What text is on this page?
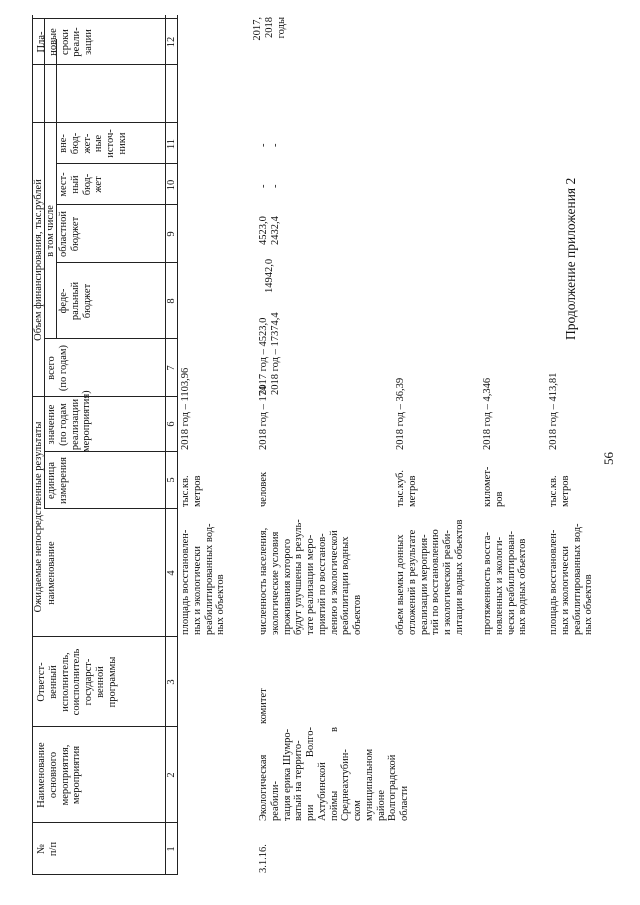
56
Продолжение приложения 2
№
п/п
Наименование
основного
мероприятия,
мероприятия
Ответст-
венный
исполнитель,
соисполнитель
государст-
венной
программы
Ожидаемые непосредственные результаты наименование
единица
измерения
значение
(по годам
реализации
мероприятия)
Объем финансирования, тыс.рублей
всего
(по годам)
в том числе
феде-
ральный
бюджет
областной
бюджет
мест-
ный
бюд-
жет
вне-
бюд-
жет-
ные
источ-
ники
Пла-
новые
сроки
реали-
зации
1
2
3
4
5
6
7
8
9
10
11
12
площадь восстановлен-
ных и экологически
реабилитированных вод-
ных объектов
тыс.кв.
метров
2018 год – 1103,96
3.1.16.
Экологическая реабили-
тация ерика Шумро-
ватый на террито-
рии Волго-Ахтубинской
поймы в Среднеахтубин-
ском муниципальном
районе Волгоградской
области
комитет
численность населения,
экологические условия
проживания которого
будут улучшены в резуль-
тате реализации меро-
приятий по восстанов-
лению и экологической
реабилитации водных
объектов
человек
2018 год – 174
2017 год – 4523,0
2018 год – 17374,4
14942,0
4523,0
2432,4
-
-
-
-
2017,
2018
годы
объем выемки донных
отложений в результате
реализации мероприя-
тий по восстановлению
и экологической реаби-
литации водных объектов
тыс.куб.
метров
2018 год – 36,39
протяженность восста-
новленных и экологи-
чески реабилитирован-
ных водных объектов
километ-
ров
2018 год – 4,346
площадь восстановлен-
ных и экологически
реабилитированных вод-
ных объектов
тыс.кв.
метров
2018 год – 413,81
